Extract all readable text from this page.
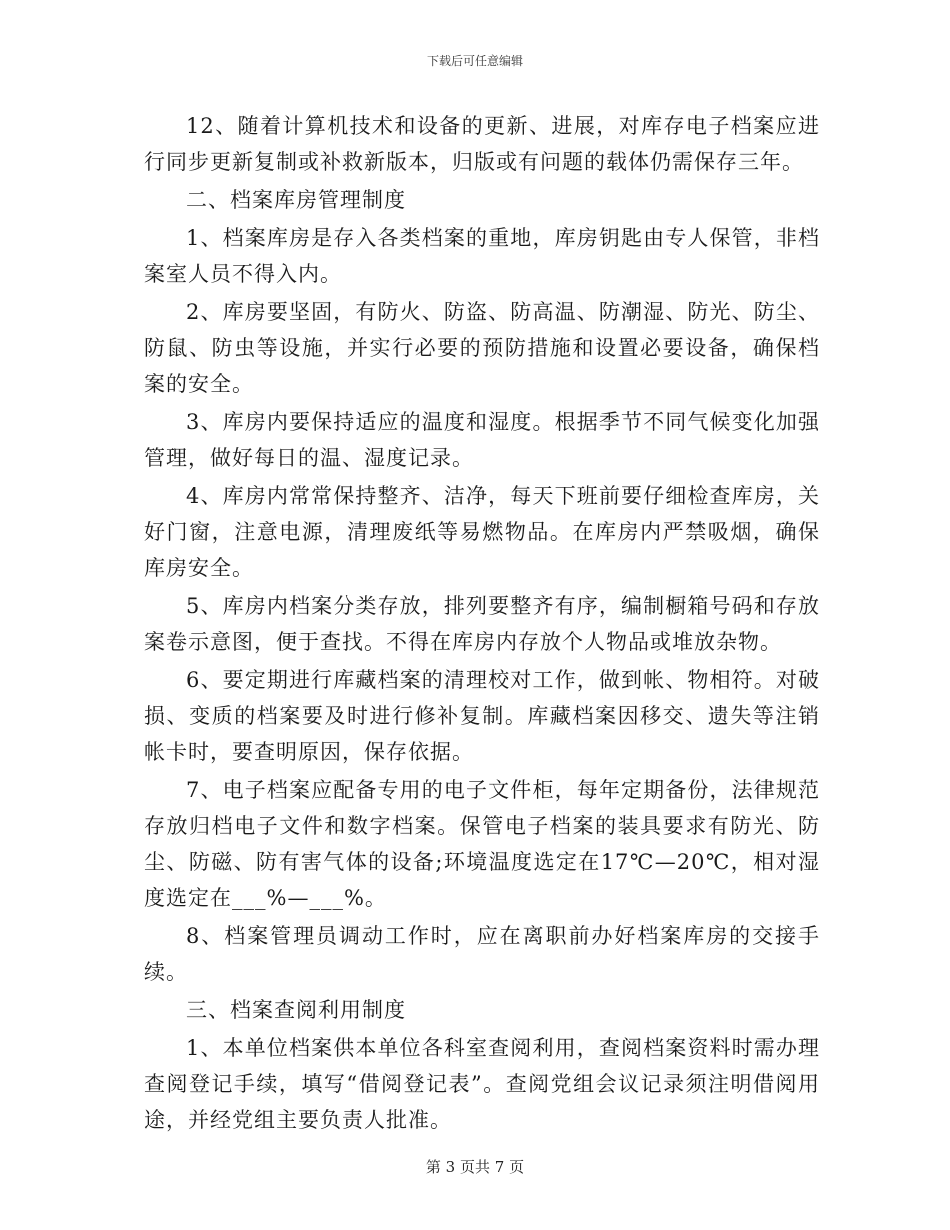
下载后可任意编辑

12、随着计算机技术和设备的更新、进展，对库存电子档案应进行同步更新复制或补救新版本，归版或有问题的载体仍需保存三年。

二、档案库房管理制度

1、档案库房是存入各类档案的重地，库房钥匙由专人保管，非档案室人员不得入内。

2、库房要坚固，有防火、防盗、防高温、防潮湿、防光、防尘、防鼠、防虫等设施，并实行必要的预防措施和设置必要设备，确保档案的安全。

3、库房内要保持适应的温度和湿度。根据季节不同气候变化加强管理，做好每日的温、湿度记录。

4、库房内常常保持整齐、洁净，每天下班前要仔细检查库房，关好门窗，注意电源，清理废纸等易燃物品。在库房内严禁吸烟，确保库房安全。

5、库房内档案分类存放，排列要整齐有序，编制橱箱号码和存放案卷示意图，便于查找。不得在库房内存放个人物品或堆放杂物。

6、要定期进行库藏档案的清理校对工作，做到帐、物相符。对破损、变质的档案要及时进行修补复制。库藏档案因移交、遗失等注销帐卡时，要查明原因，保存依据。

7、电子档案应配备专用的电子文件柜，每年定期备份，法律规范存放归档电子文件和数字档案。保管电子档案的装具要求有防光、防尘、防磁、防有害气体的设备;环境温度选定在17℃—20℃，相对湿度选定在___%—___%。

8、档案管理员调动工作时，应在离职前办好档案库房的交接手续。

三、档案查阅利用制度

1、本单位档案供本单位各科室查阅利用，查阅档案资料时需办理查阅登记手续，填写“借阅登记表”。查阅党组会议记录须注明借阅用途，并经党组主要负责人批准。

第 3 页共 7 页
